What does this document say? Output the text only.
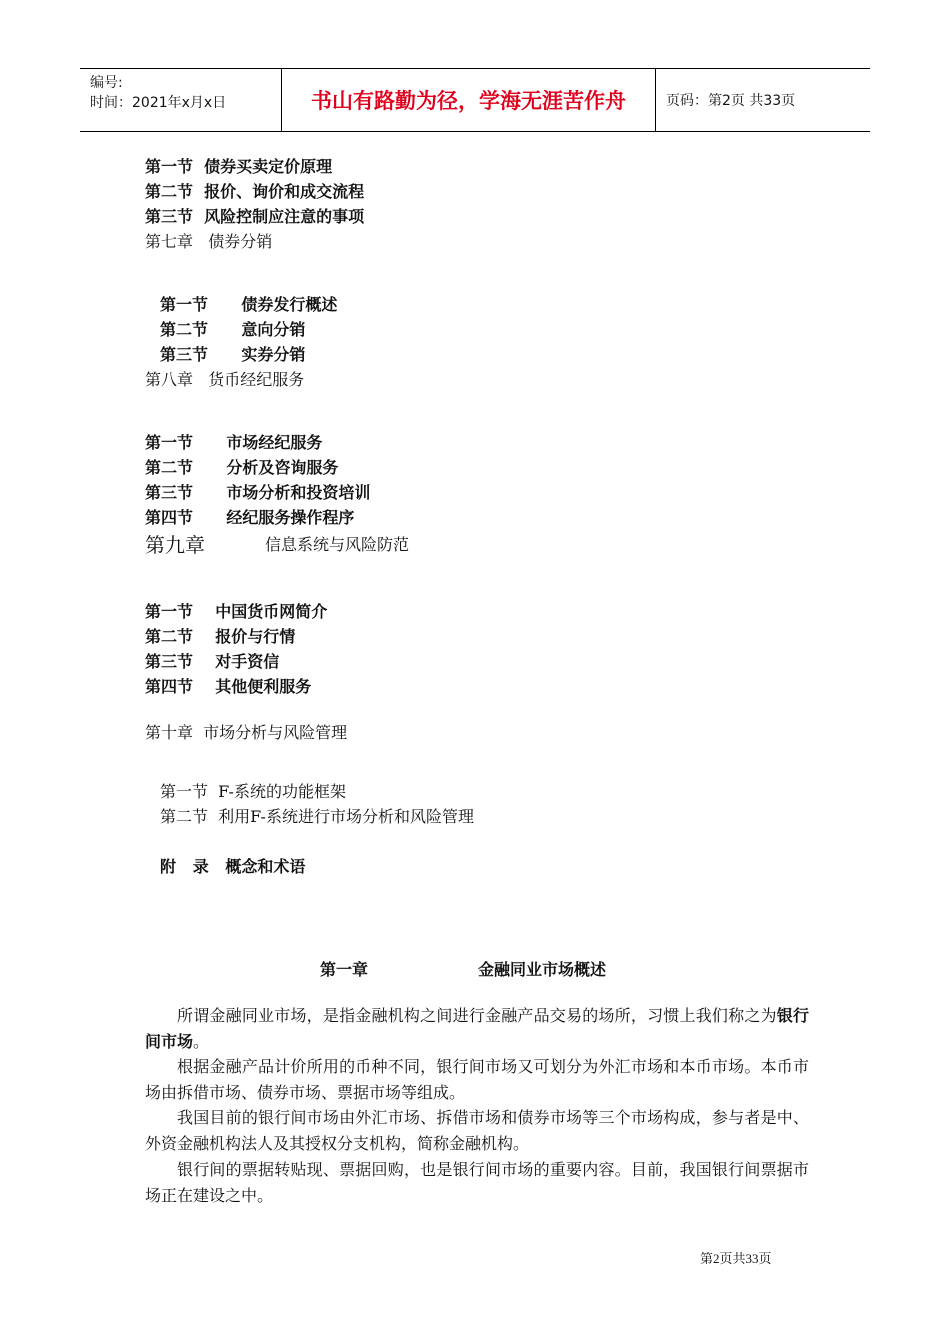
编号:
时间：2021年x月x日	书山有路勤为径，学海无涯苦作舟	页码：第2页 共33页
第一节  债券买卖定价原理
第二节  报价、询价和成交流程
第三节  风险控制应注意的事项
第七章   债券分销
第一节      债券发行概述
第二节      意向分销
第三节      实券分销
第八章   货币经纪服务
第一节      市场经纪服务
第二节      分析及咨询服务
第三节      市场分析和投资培训
第四节      经纪服务操作程序
第九章	信息系统与风险防范
第一节    中国货币网简介
第二节    报价与行情
第三节    对手资信
第四节    其他便利服务
第十章  市场分析与风险管理
第一节  F-系统的功能框架
第二节  利用F-系统进行市场分析和风险管理
附   录   概念和术语
第一章	金融同业市场概述
所谓金融同业市场，是指金融机构之间进行金融产品交易的场所，习惯上我们称之为银行间市场。
根据金融产品计价所用的币种不同，银行间市场又可划分为外汇市场和本币市场。本币市场由拆借市场、债券市场、票据市场等组成。
我国目前的银行间市场由外汇市场、拆借市场和债券市场等三个市场构成，参与者是中、外资金融机构法人及其授权分支机构，简称金融机构。
银行间的票据转贴现、票据回购，也是银行间市场的重要内容。目前，我国银行间票据市场正在建设之中。
第2页共33页
